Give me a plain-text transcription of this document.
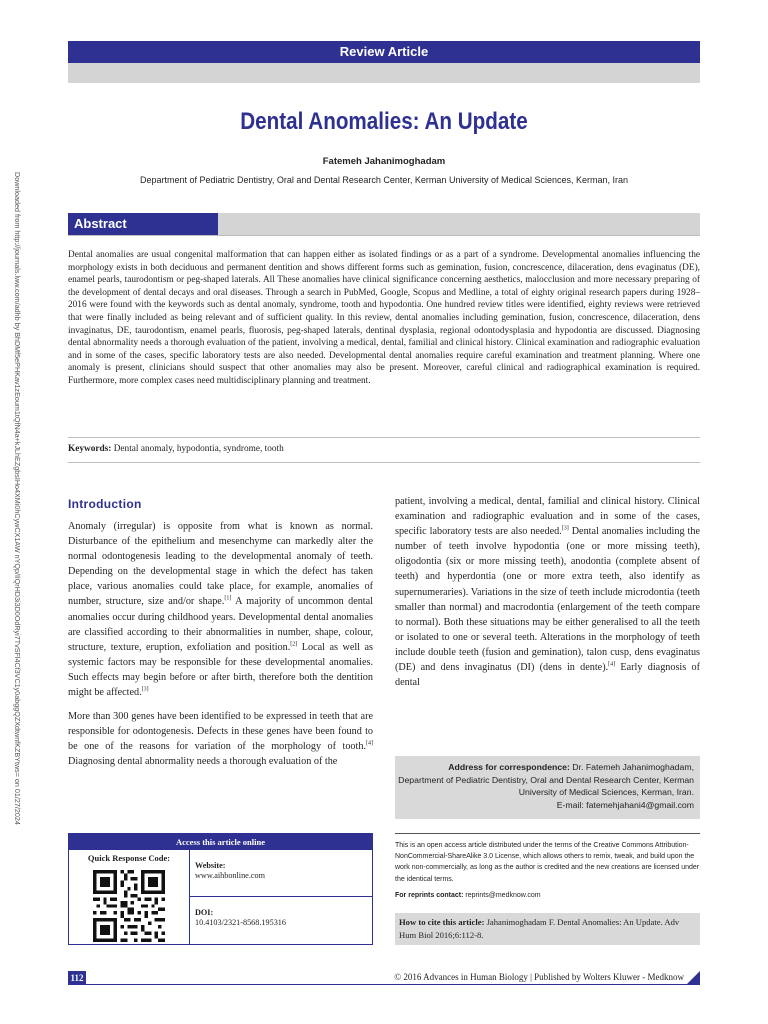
Review Article
Dental Anomalies: An Update
Fatemeh Jahanimoghadam
Department of Pediatric Dentistry, Oral and Dental Research Center, Kerman University of Medical Sciences, Kerman, Iran
Downloaded from http://journals.lww.com/adhb by BhDMf5ePHKav1zEoum1tQfN4a+kJLhEZgbsIHo4XMi0hCywCX1AW nYQp/IlQrHD3i3D0OdRyi7TvSFl4Cf3VC1y0abggQZXdtwnfKZBYtws= on 01/27/2024	Abstract
Dental anomalies are usual congenital malformation that can happen either as isolated findings or as a part of a syndrome. Developmental anomalies influencing the morphology exists in both deciduous and permanent dentition and shows different forms such as gemination, fusion, concrescence, dilaceration, dens evaginatus (DE), enamel pearls, taurodontism or peg-shaped laterals. All These anomalies have clinical significance concerning aesthetics, malocclusion and more necessary preparing of the development of dental decays and oral diseases. Through a search in PubMed, Google, Scopus and Medline, a total of eighty original research papers during 1928–2016 were found with the keywords such as dental anomaly, syndrome, tooth and hypodontia. One hundred review titles were identified, eighty reviews were retrieved that were finally included as being relevant and of sufficient quality. In this review, dental anomalies including gemination, fusion, concrescence, dilaceration, dens invaginatus, DE, taurodontism, enamel pearls, fluorosis, peg-shaped laterals, dentinal dysplasia, regional odontodysplasia and hypodontia are discussed. Diagnosing dental abnormality needs a thorough evaluation of the patient, involving a medical, dental, familial and clinical history. Clinical examination and radiographic evaluation and in some of the cases, specific laboratory tests are also needed. Developmental dental anomalies require careful examination and treatment planning. Where one anomaly is present, clinicians should suspect that other anomalies may also be present. Moreover, careful clinical and radiographical examination is required. Furthermore, more complex cases need multidisciplinary planning and treatment.
Keywords: Dental anomaly, hypodontia, syndrome, tooth
Introduction

Anomaly (irregular) is opposite from what is known as normal. Disturbance of the epithelium and mesenchyme can markedly alter the normal odontogenesis leading to the developmental anomaly of teeth. Depending on the developmental stage in which the defect has taken place, various anomalies could take place, for example, anomalies of number, structure, size and/or shape.[1] A majority of uncommon dental anomalies occur during childhood years. Developmental dental anomalies are classified according to their abnormalities in number, shape, colour, structure, texture, eruption, exfoliation and position.[2] Local as well as systemic factors may be responsible for these developmental anomalies. Such effects may begin before or after birth, therefore both the dentition might be affected.[3]

More than 300 genes have been identified to be expressed in teeth that are responsible for odontogenesis. Defects in these genes have been found to be one of the reasons for variation of the morphology of tooth.[4] Diagnosing dental abnormality needs a thorough evaluation of the

patient, involving a medical, dental, familial and clinical history. Clinical examination and radiographic evaluation and in some of the cases, specific laboratory tests are also needed.[3] Dental anomalies including the number of teeth involve hypodontia (one or more missing teeth), oligodontia (six or more missing teeth), anodontia (complete absent of teeth) and hyperdontia (one or more extra teeth, also identify as supernumeraries). Variations in the size of teeth include microdontia (teeth smaller than normal) and macrodontia (enlargement of the teeth compare to normal). Both these situations may be either generalised to all the teeth or isolated to one or several teeth. Alterations in the morphology of teeth include double teeth (fusion and gemination), talon cusp, dens evaginatus (DE) and dens invaginatus (DI) (dens in dente).[4] Early diagnosis of dental

Address for correspondence: Dr. Fatemeh Jahanimoghadam,
Department of Pediatric Dentistry, Oral and Dental Research Center, Kerman
University of Medical Sciences, Kerman, Iran.
E-mail: fatemehjahani4@gmail.com
Access this article online
Quick Response Code:
Website:
www.aihbonline.com
DOI:
10.4103/2321-8568.195316
This is an open access article distributed under the terms of the Creative Commons Attribution-NonCommercial-ShareAlike 3.0 License, which allows others to remix, tweak, and build upon the work non-commercially, as long as the author is credited and the new creations are licensed under the identical terms.
For reprints contact: reprints@medknow.com
How to cite this article: Jahanimoghadam F. Dental Anomalies: An Update. Adv Hum Biol 2016;6:112-8.
112	© 2016 Advances in Human Biology | Published by Wolters Kluwer - Medknow
